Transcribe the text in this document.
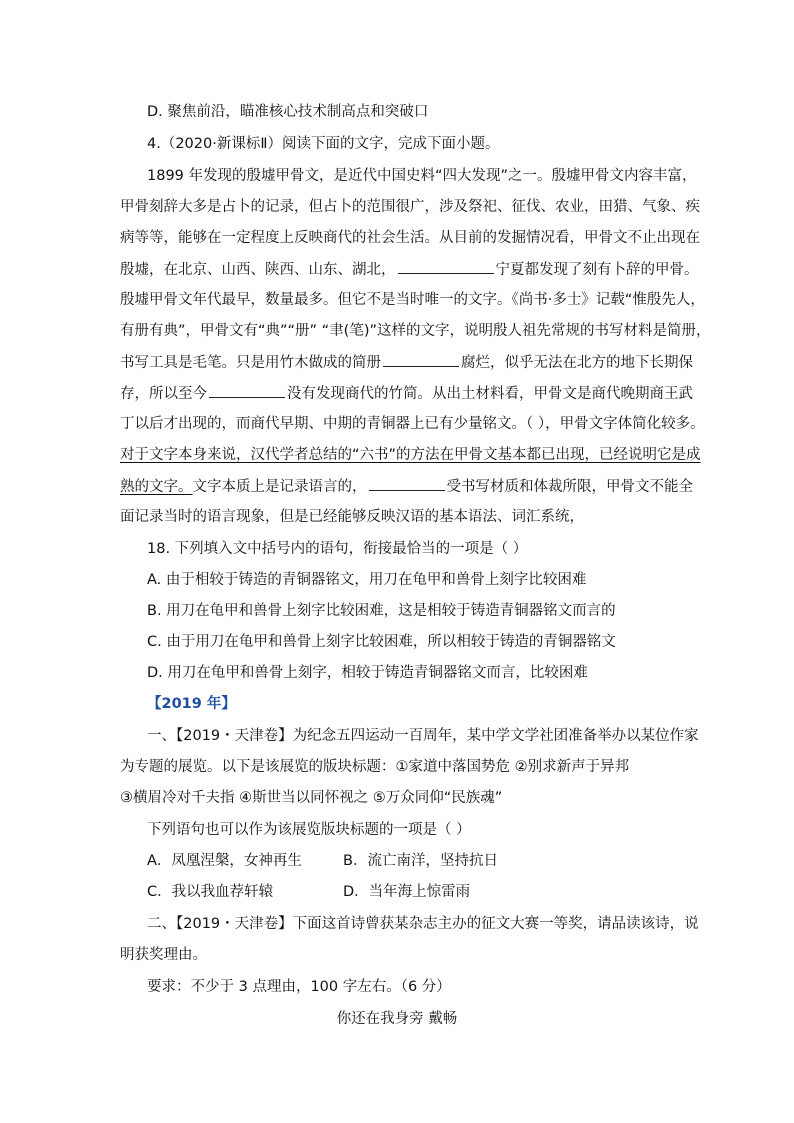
D. 聚焦前沿，瞄准核心技术制高点和突破口
4.（2020·新课标Ⅱ）阅读下面的文字，完成下面小题。
1899 年发现的殷墟甲骨文，是近代中国史料“四大发现”之一。殷墟甲骨文内容丰富，
甲骨刻辞大多是占卜的记录，但占卜的范围很广，涉及祭祀、征伐、农业，田猎、气象、疾
病等等，能够在一定程度上反映商代的社会生活。从目前的发掘情况看，甲骨文不止出现在
殷墟，在北京、山西、陕西、山东、湖北，	宁夏都发现了刻有卜辞的甲骨。
殷墟甲骨文年代最早，数量最多。但它不是当时唯一的文字。《尚书·多士》记载“惟殷先人，
有册有典”，甲骨文有“典”“册” “聿(笔)”这样的文字，说明殷人祖先常规的书写材料是简册，
书写工具是毛笔。只是用竹木做成的简册	腐烂，似乎无法在北方的地下长期保
存，所以至今	没有发现商代的竹简。从出土材料看，甲骨文是商代晚期商王武
丁以后才出现的，而商代早期、中期的青铜器上已有少量铭文。（ ），甲骨文字体简化较多。
对于文字本身来说，汉代学者总结的“六书”的方法在甲骨文基本都已出现，已经说明它是成
熟的文字。文字本质上是记录语言的，	受书写材质和体裁所限，甲骨文不能全
面记录当时的语言现象，但是已经能够反映汉语的基本语法、词汇系统，
18. 下列填入文中括号内的语句，衔接最恰当的一项是（ ）
A. 由于相较于铸造的青铜器铭文，用刀在龟甲和兽骨上刻字比较困难
B. 用刀在龟甲和兽骨上刻字比较困难，这是相较于铸造青铜器铭文而言的
C. 由于用刀在龟甲和兽骨上刻字比较困难，所以相较于铸造的青铜器铭文
D. 用刀在龟甲和兽骨上刻字，相较于铸造青铜器铭文而言，比较困难
【2019 年】
一、【2019・天津卷】为纪念五四运动一百周年，某中学文学社团准备举办以某位作家
为专题的展览。以下是该展览的版块标题：①家道中落国势危 ②别求新声于异邦
③横眉冷对千夫指 ④斯世当以同怀视之 ⑤万众同仰“民族魂”
下列语句也可以作为该展览版块标题的一项是（ ）
A．凤凰涅槃，女神再生	B．流亡南洋，坚持抗日
C．我以我血荐轩辕	D．当年海上惊雷雨
二、【2019・天津卷】下面这首诗曾获某杂志主办的征文大赛一等奖，请品读该诗，说
明获奖理由。
要求：不少于 3 点理由，100 字左右。（6 分）
你还在我身旁 戴畅
